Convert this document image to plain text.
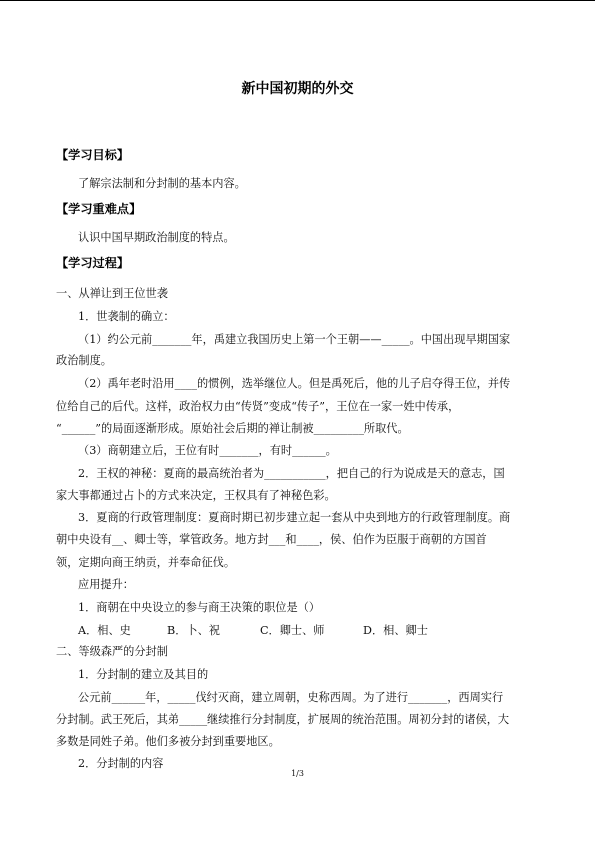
新中国初期的外交
【学习目标】
了解宗法制和分封制的基本内容。
【学习重难点】
认识中国早期政治制度的特点。
【学习过程】
一、从禅让到王位世袭
1．世袭制的确立：
（1）约公元前_______年，禹建立我国历史上第一个王朝——_____。中国出现早期国家
政治制度。
（2）禹年老时沿用____的惯例，选举继位人。但是禹死后，他的儿子启夺得王位，并传
位给自己的后代。这样，政治权力由“传贤”变成“传子”，王位在一家一姓中传承，
“______”的局面逐渐形成。原始社会后期的禅让制被_________所取代。
（3）商朝建立后，王位有时_______，有时______。
2．王权的神秘：夏商的最高统治者为___________，把自己的行为说成是天的意志，国
家大事都通过占卜的方式来决定，王权具有了神秘色彩。
3．夏商的行政管理制度：夏商时期已初步建立起一套从中央到地方的行政管理制度。商
朝中央设有__、卿士等，掌管政务。地方封___和____，侯、伯作为臣服于商朝的方国首
领，定期向商王纳贡，并奉命征伐。
应用提升：
1．商朝在中央设立的参与商王决策的职位是（）
A．相、史	B．卜、祝	C．卿士、师	D．相、卿士
二、等级森严的分封制
1．分封制的建立及其目的
公元前______年，_____伐纣灭商，建立周朝，史称西周。为了进行_______，西周实行
分封制。武王死后，其弟_____继续推行分封制度，扩展周的统治范围。周初分封的诸侯，大
多数是同姓子弟。他们多被分封到重要地区。
2．分封制的内容
1/3
